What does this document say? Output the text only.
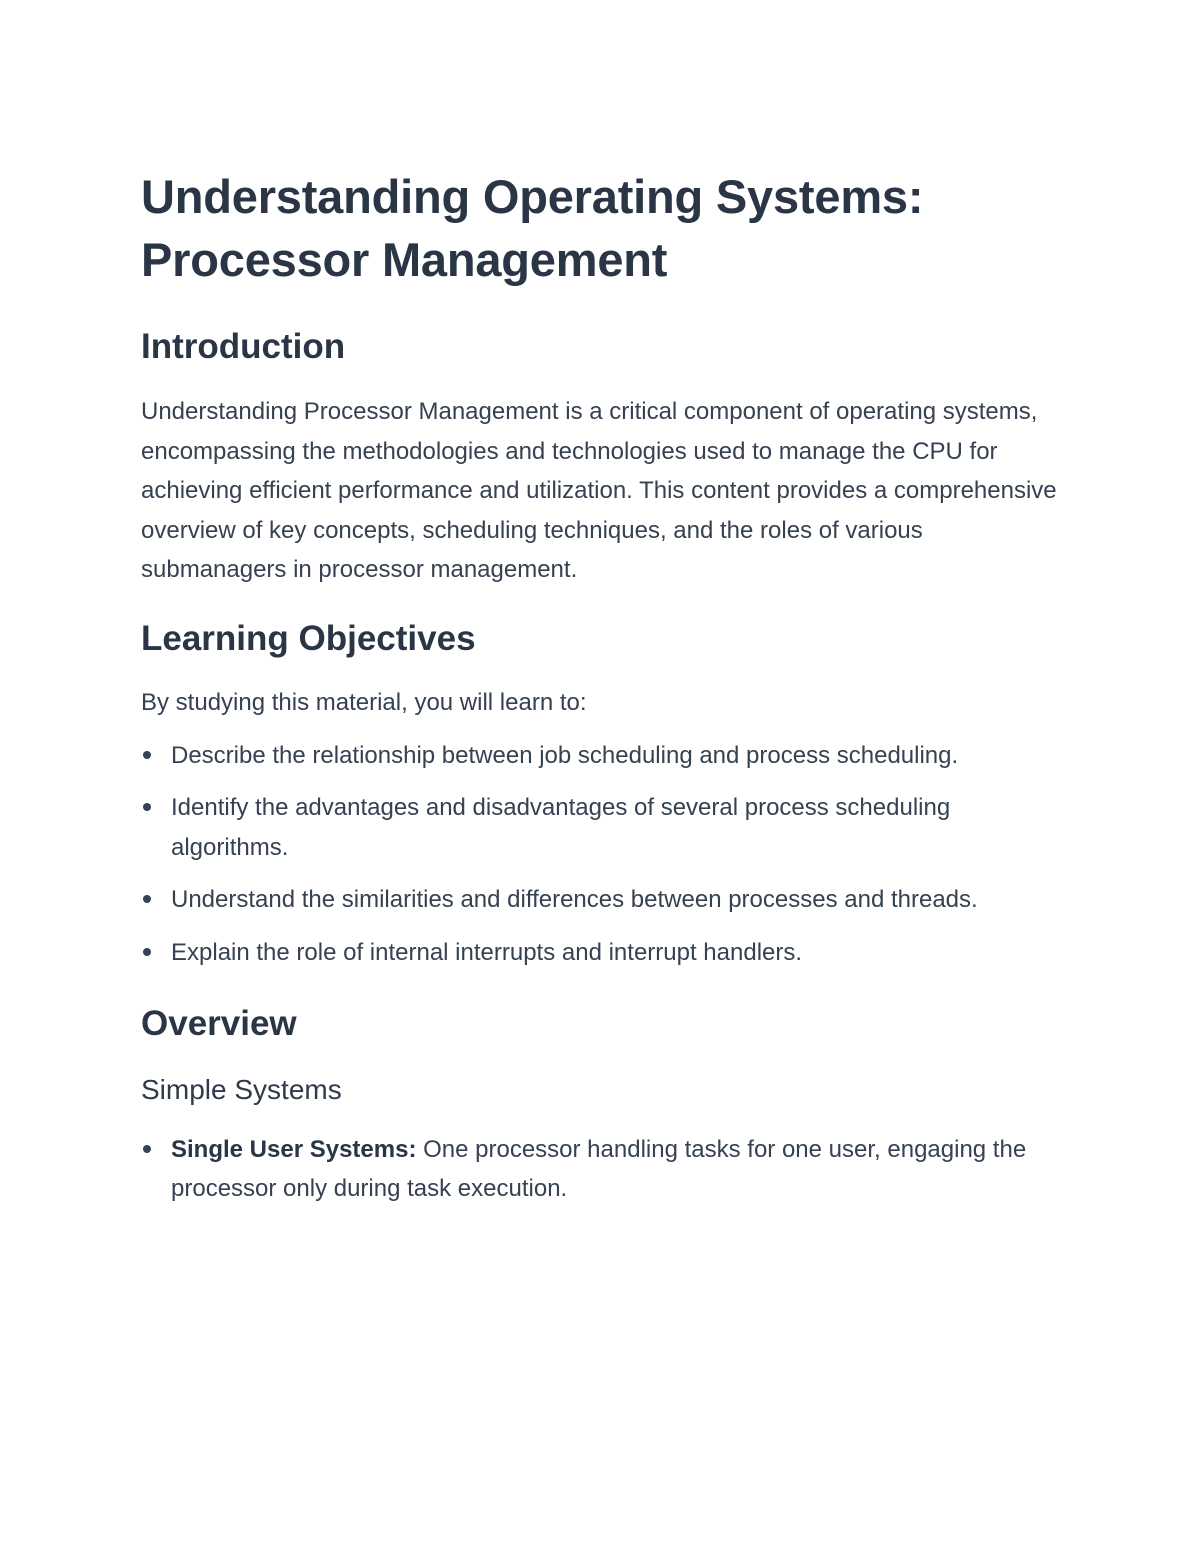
Understanding Operating Systems: Processor Management
Introduction

Understanding Processor Management is a critical component of operating systems, encompassing the methodologies and technologies used to manage the CPU for achieving efficient performance and utilization. This content provides a comprehensive overview of key concepts, scheduling techniques, and the roles of various submanagers in processor management.

Learning Objectives

By studying this material, you will learn to:

Describe the relationship between job scheduling and process scheduling.
Identify the advantages and disadvantages of several process scheduling algorithms.
Understand the similarities and differences between processes and threads.
Explain the role of internal interrupts and interrupt handlers.
Overview
Simple Systems
Single User Systems: One processor handling tasks for one user, engaging the processor only during task execution.
